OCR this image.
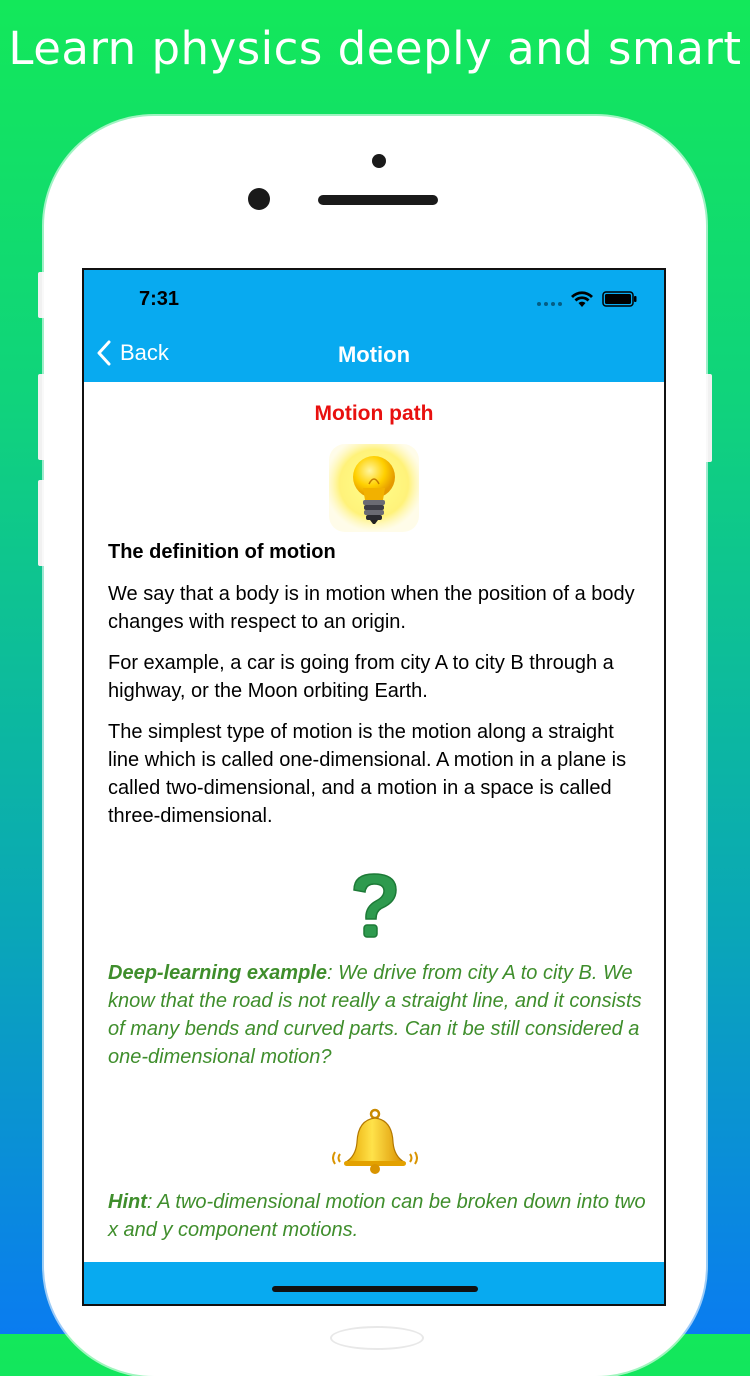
Learn physics deeply and smart
7:31
Back	Motion
Motion path

The definition of motion

We say that a body is in motion when the position of a body changes with respect to an origin.

For example, a car is going from city A to city B through a highway, or the Moon orbiting Earth.

The simplest type of motion is the motion along a straight line which is called one-dimensional. A motion in a plane is called two-dimensional, and a motion in a space is called three-dimensional.

Deep-learning example: We drive from city A to city B. We know that the road is not really a straight line, and it consists of many bends and curved parts. Can it be still considered a one-dimensional motion?

Hint: A two-dimensional motion can be broken down into two x and y component motions.
